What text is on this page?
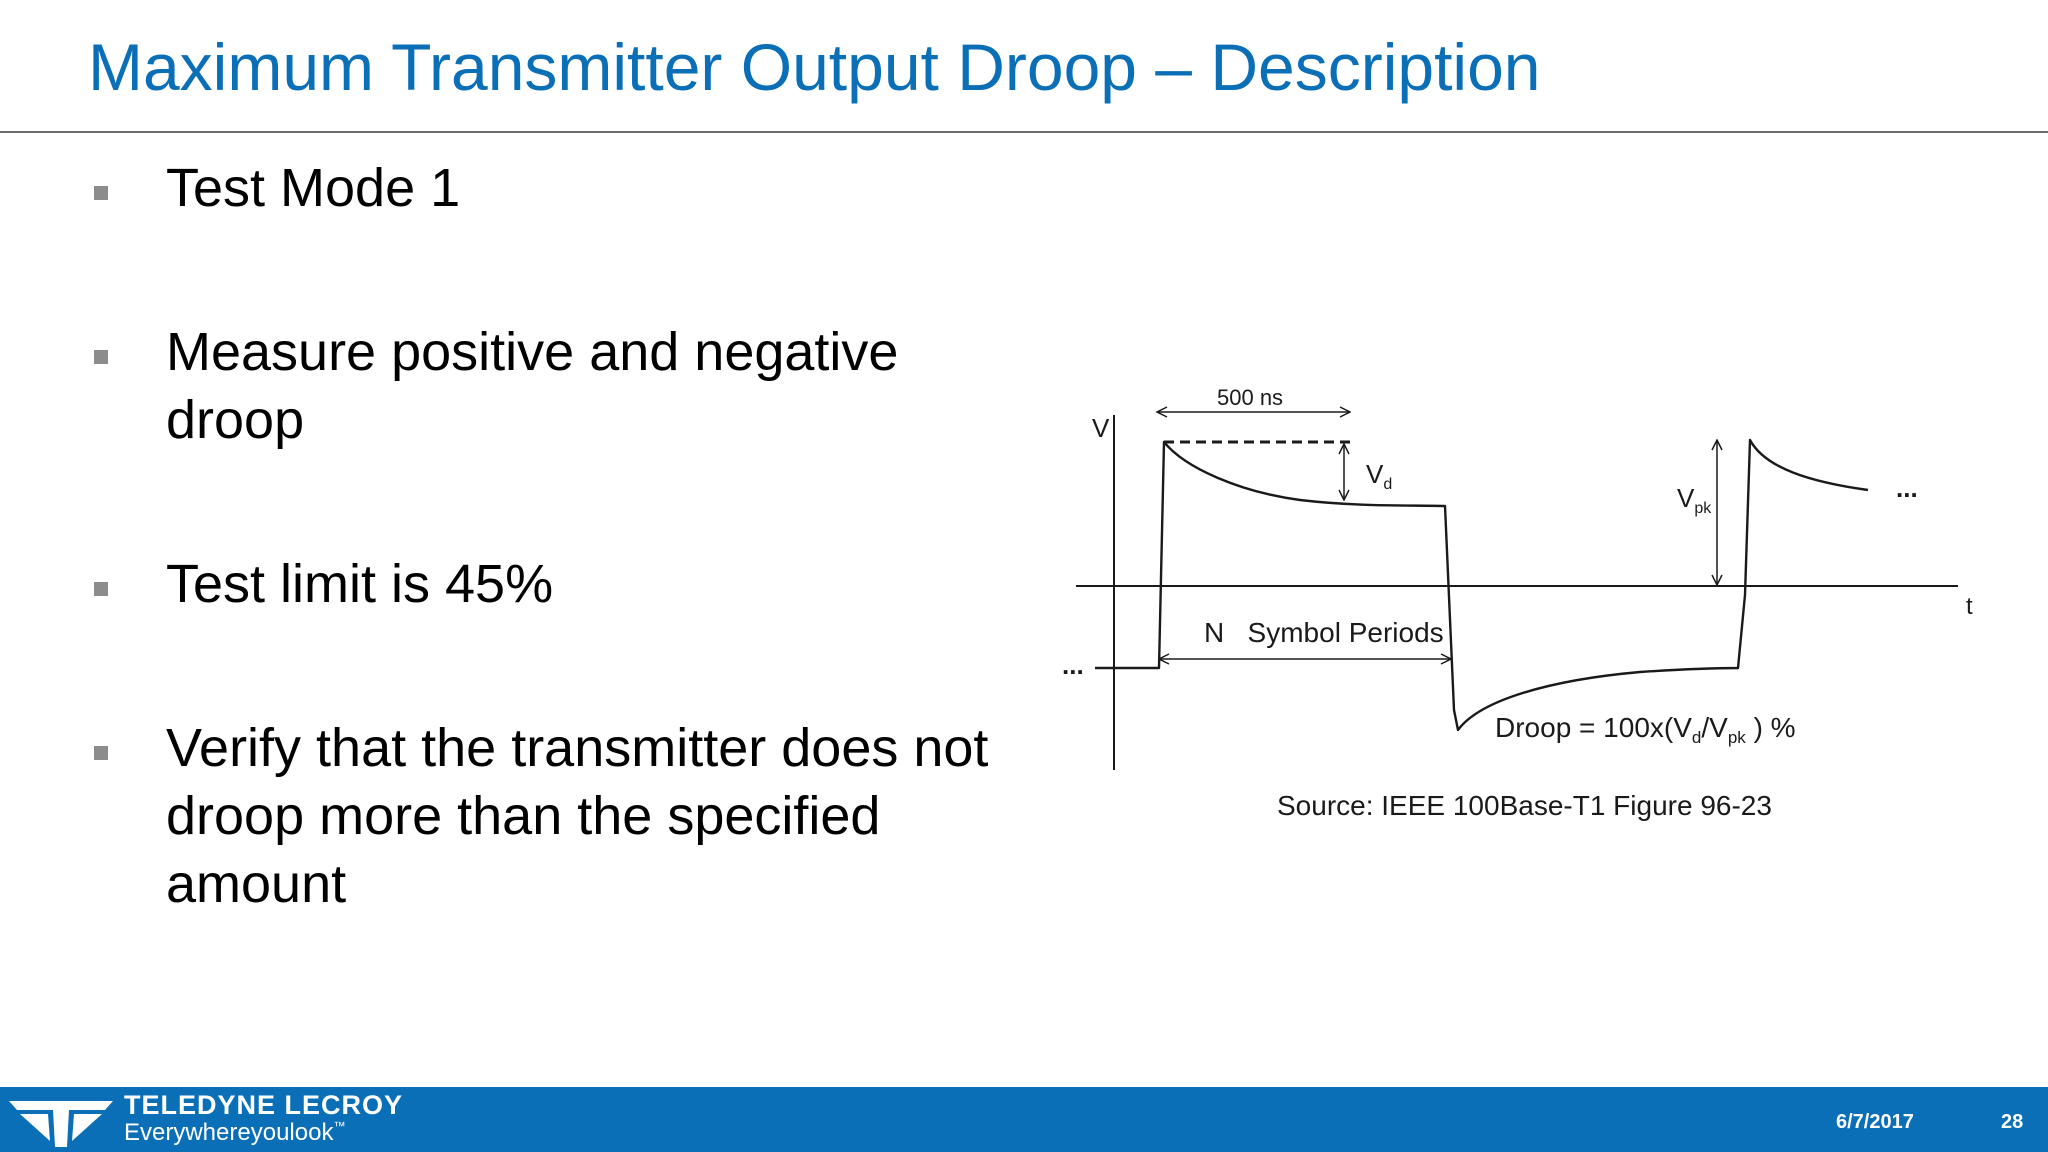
Maximum Transmitter Output Droop – Description
Test Mode 1
Measure positive and negative droop
Test limit is 45%
Verify that the transmitter does not droop more than the specified amount
500 ns
V
$V_d$	$V_{pk}$
t
N   Symbol Periods
...
...
Droop = $100x(V_d/V_{pk}$ ) %
Source: IEEE 100Base-T1 Figure 96-23
TELEDYNE LECROY
Everywhereyoulook™	6/7/2017	28
